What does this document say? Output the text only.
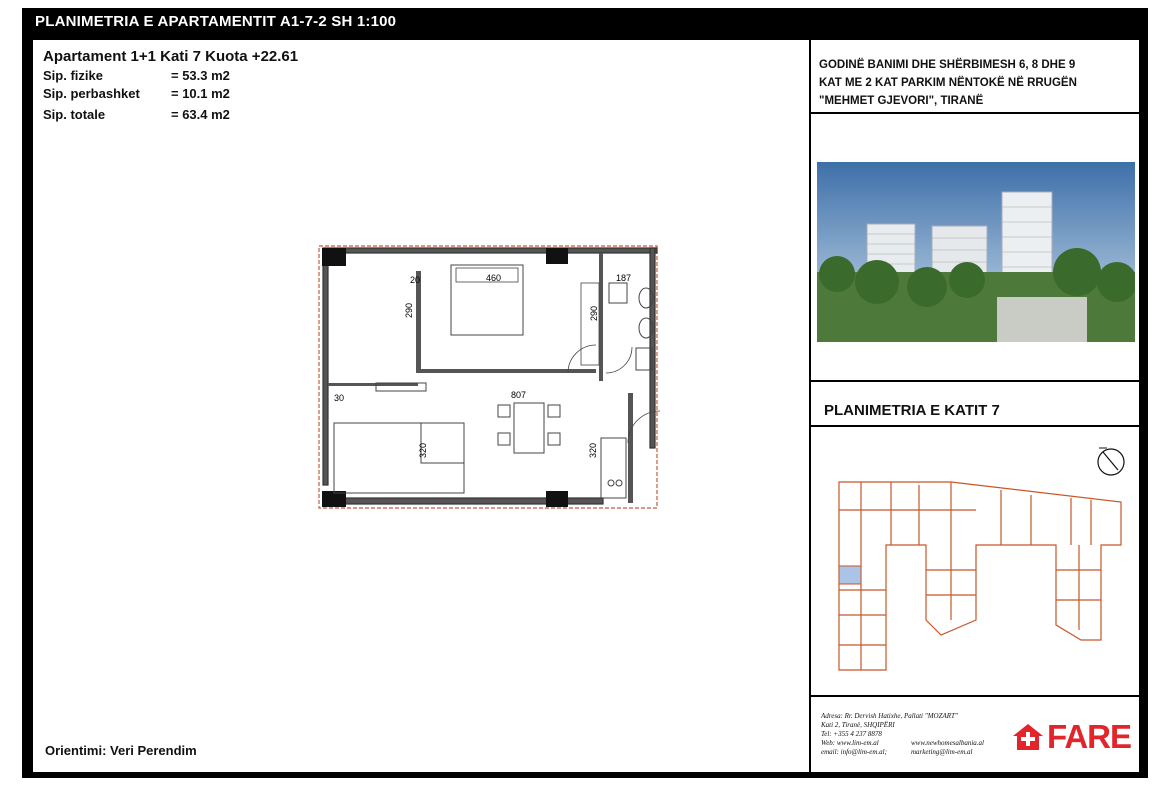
PLANIMETRIA E APARTAMENTIT A1-7-2 SH 1:100
Apartament 1+1 Kati 7 Kuota +22.61
Sip. fizike	= 53.3 m2
Sip. perbashket	= 10.1 m2
Sip. totale	= 63.4 m2
460	187
290	290
807
320	320
20
30
Orientimi: Veri Perendim
GODINË BANIMI DHE SHËRBIMESH 6, 8 DHE 9
KAT ME 2 KAT PARKIM NËNTOKË NË RRUGËN
"MEHMET GJEVORI", TIRANË
PLANIMETRIA E KATIT 7
Adresa: Rr. Dervish Hatixhe, Pallati "MOZART"
Kati 2, Tiranë, SHQIPËRI
Tel: +355 4 237 8878
Web: www.lim-em.al	www.newhomesalbania.al
email: info@lim-em.al;	marketing@lim-em.al FARE
